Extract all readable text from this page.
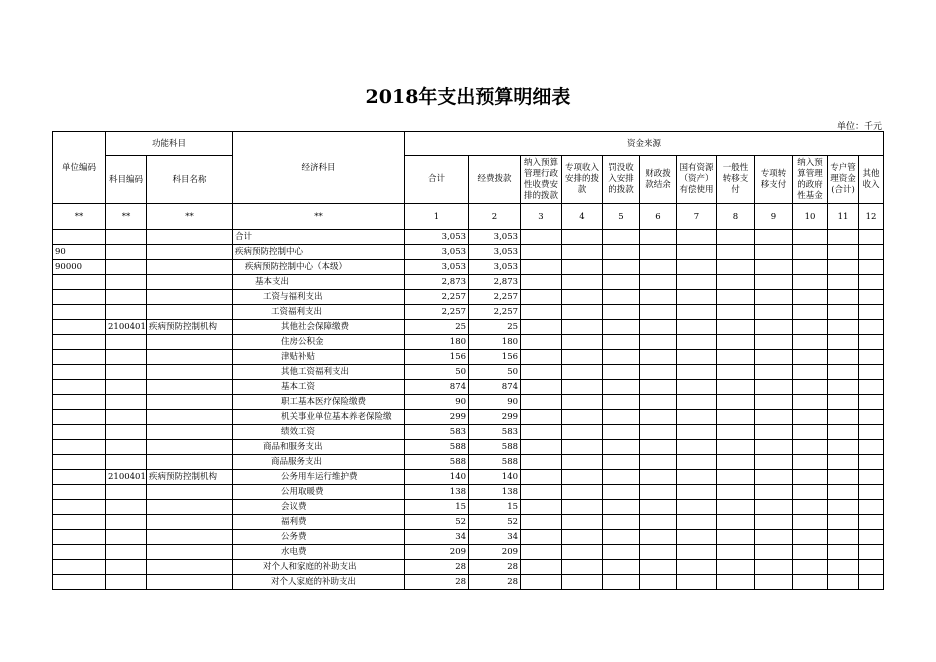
2018年支出预算明细表
单位：千元
单位编码	功能科目		经济科目	资金来源											
	科目编码	科目名称		合计	经费拨款	纳入预算管理行政性收费安排的拨款	专项收入安排的拨款	罚没收入安排的拨款	财政拨款结余	国有资源（资产）有偿使用	一般性转移支付	专项转移支付	纳入预算管理的政府性基金	专户管理资金(合计)	其他收入
**	**	**	**	1	2	3	4	5	6	7	8	9	10	11	12
			合计	3,053	3,053										
90			疾病预防控制中心	3,053	3,053										
90000			疾病预防控制中心（本级）	3,053	3,053										
			基本支出	2,873	2,873										
			工资与福利支出	2,257	2,257										
			工资福利支出	2,257	2,257										
	2100401	疾病预防控制机构	其他社会保障缴费	25	25										
			住房公积金	180	180										
			津贴补贴	156	156										
			其他工资福利支出	50	50										
			基本工资	874	874										
			职工基本医疗保险缴费	90	90										
			机关事业单位基本养老保险缴	299	299										
			绩效工资	583	583										
			商品和服务支出	588	588										
			商品服务支出	588	588										
	2100401	疾病预防控制机构	公务用车运行维护费	140	140										
			公用取暖费	138	138										
			会议费	15	15										
			福利费	52	52										
			公务费	34	34										
			水电费	209	209										
			对个人和家庭的补助支出	28	28										
			对个人家庭的补助支出	28	28										
